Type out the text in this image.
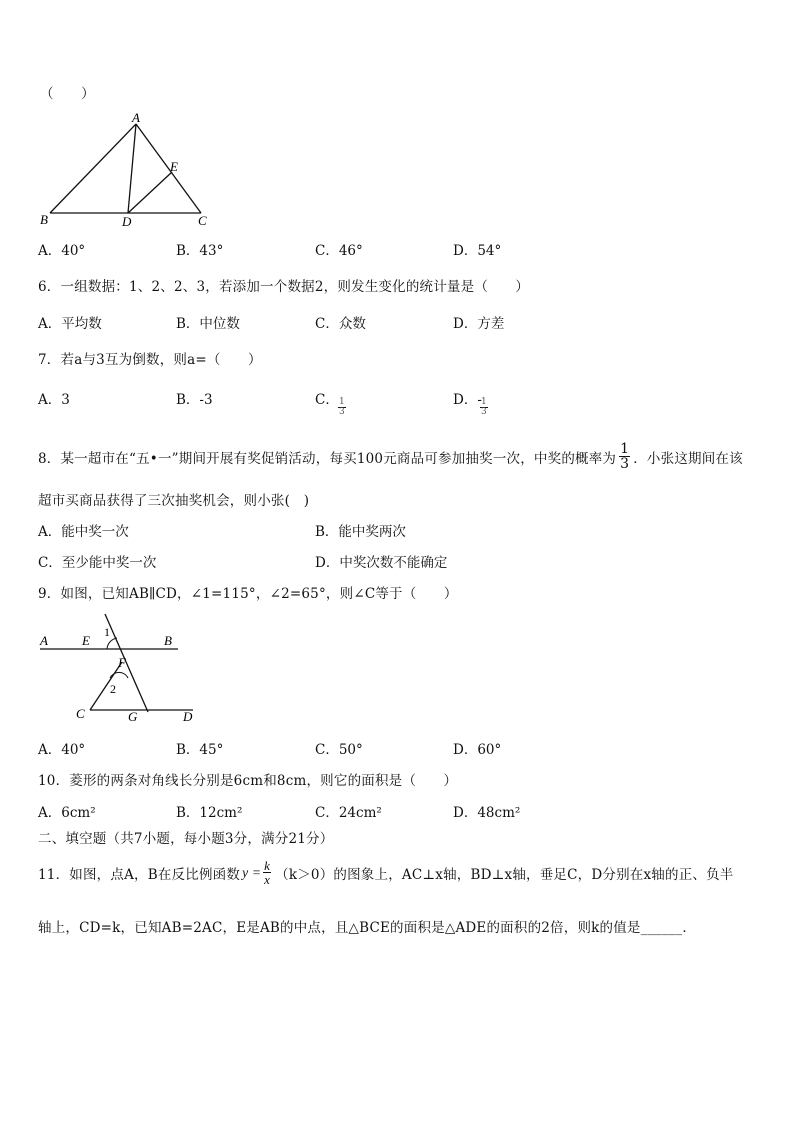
（　　）
A
B	D	C
E
A．40°	B．43°	C．46°	D．54°
6．一组数据：1、2、2、3，若添加一个数据2，则发生变化的统计量是（　　）
A．平均数	B．中位数	C．众数	D．方差
7．若a与3互为倒数，则a=（　　）
A．3	B．-3	C． $\frac{1}{3}$	D．-
$\frac{1}{3}$
8．某一超市在“五•一”期间开展有奖促销活动，每买100元商品可参加抽奖一次，中奖的概率为 $\frac{1}{3}$ ．小张这期间在该
超市买商品获得了三次抽奖机会，则小张(　)
A．能中奖一次	B．能中奖两次
C．至少能中奖一次	D．中奖次数不能确定
9．如图，已知AB∥CD，∠1=115°，∠2=65°，则∠C等于（　　）
A	E
1
B
F
2
C	G	D
A．40°	B．45°	C．50°	D．60°
10．菱形的两条对角线长分别是6cm和8cm，则它的面积是（　　）
A．6cm²	B．12cm²	C．24cm²	D．48cm²
二、填空题（共7小题，每小题3分，满分21分）
11．如图，点A，B在反比例函数 $y = \frac{k}{x} (k>0)$的图象上，AC⊥x轴，BD⊥x轴，垂足C，D分别在x轴的正、负半
轴上，CD=k，已知AB=2AC，E是AB的中点，且△BCE的面积是△ADE的面积的2倍，则k的值是______．
